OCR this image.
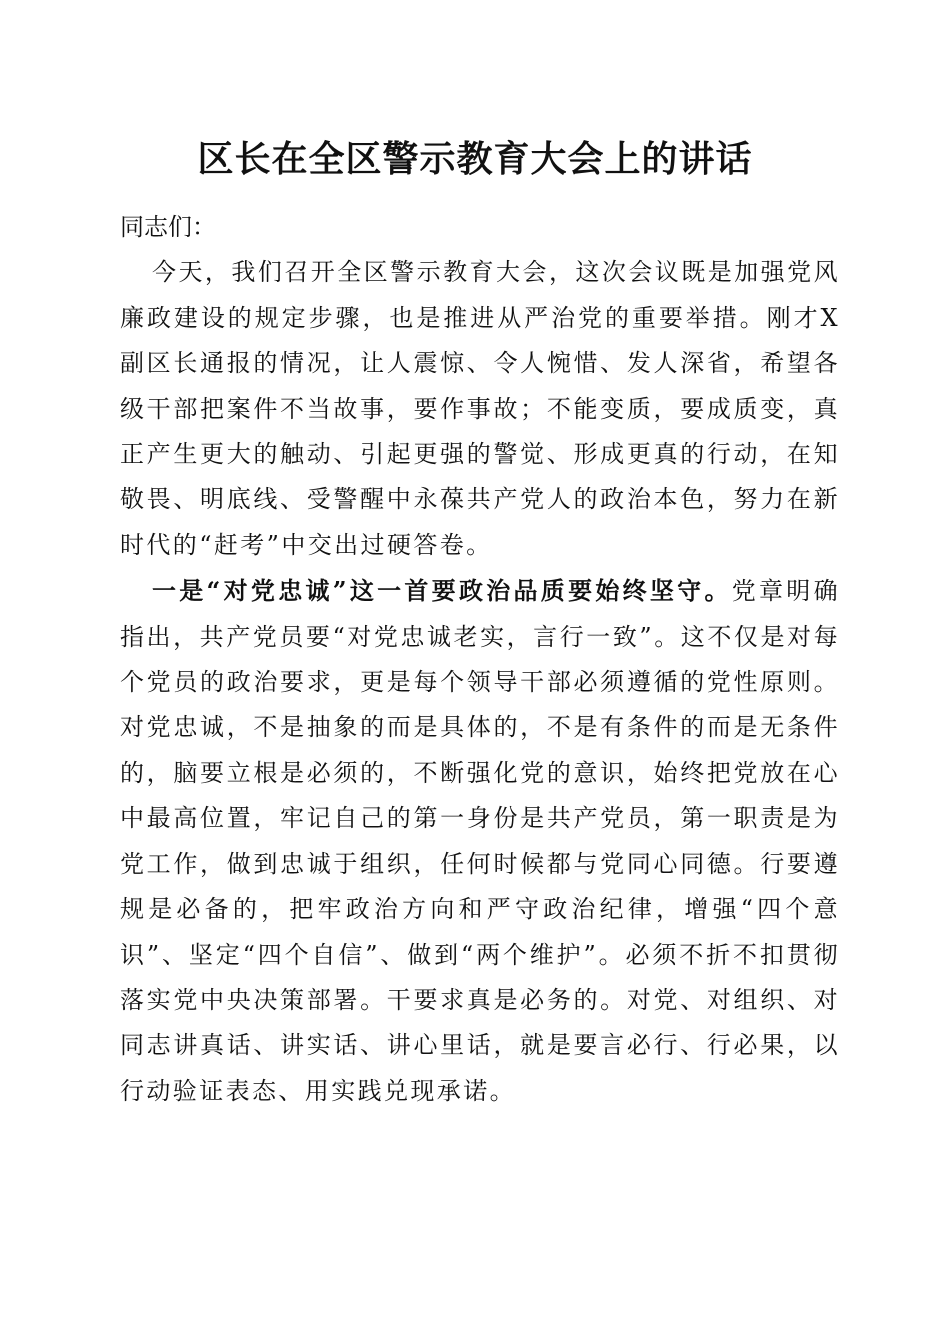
区长在全区警示教育大会上的讲话

同志们：

今天，我们召开全区警示教育大会，这次会议既是加强党风廉政建设的规定步骤，也是推进从严治党的重要举措。刚才X副区长通报的情况，让人震惊、令人惋惜、发人深省，希望各级干部把案件不当故事，要作事故；不能变质，要成质变，真正产生更大的触动、引起更强的警觉、形成更真的行动，在知敬畏、明底线、受警醒中永葆共产党人的政治本色，努力在新时代的“赶考”中交出过硬答卷。

一是“对党忠诚”这一首要政治品质要始终坚守。党章明确指出，共产党员要“对党忠诚老实，言行一致”。这不仅是对每个党员的政治要求，更是每个领导干部必须遵循的党性原则。对党忠诚，不是抽象的而是具体的，不是有条件的而是无条件的，脑要立根是必须的，不断强化党的意识，始终把党放在心中最高位置，牢记自己的第一身份是共产党员，第一职责是为党工作，做到忠诚于组织，任何时候都与党同心同德。行要遵规是必备的，把牢政治方向和严守政治纪律，增强“四个意识”、坚定“四个自信”、做到“两个维护”。必须不折不扣贯彻落实党中央决策部署。干要求真是必务的。对党、对组织、对同志讲真话、讲实话、讲心里话，就是要言必行、行必果，以行动验证表态、用实践兑现承诺。
